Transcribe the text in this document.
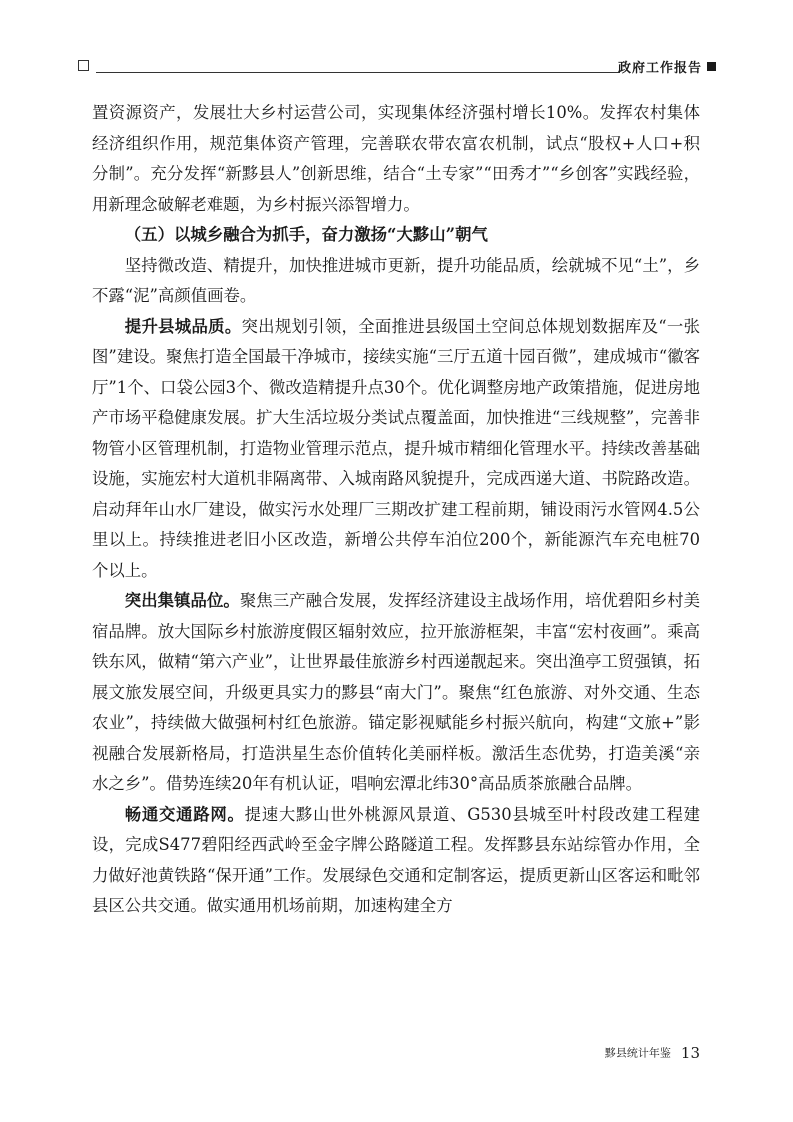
政府工作报告

置资源资产，发展壮大乡村运营公司，实现集体经济强村增长10%。发挥农村集体经济组织作用，规范集体资产管理，完善联农带农富农机制，试点“股权+人口+积分制”。充分发挥“新黟县人”创新思维，结合“土专家”“田秀才”“乡创客”实践经验，用新理念破解老难题，为乡村振兴添智增力。

（五）以城乡融合为抓手，奋力激扬“大黟山”朝气

坚持微改造、精提升，加快推进城市更新，提升功能品质，绘就城不见“土”，乡不露“泥”高颜值画卷。

提升县城品质。突出规划引领，全面推进县级国土空间总体规划数据库及“一张图”建设。聚焦打造全国最干净城市，接续实施“三厅五道十园百微”，建成城市“徽客厅”1个、口袋公园3个、微改造精提升点30个。优化调整房地产政策措施，促进房地产市场平稳健康发展。扩大生活垃圾分类试点覆盖面，加快推进“三线规整”，完善非物管小区管理机制，打造物业管理示范点，提升城市精细化管理水平。持续改善基础设施，实施宏村大道机非隔离带、入城南路风貌提升，完成西递大道、书院路改造。启动拜年山水厂建设，做实污水处理厂三期改扩建工程前期，铺设雨污水管网4.5公里以上。持续推进老旧小区改造，新增公共停车泊位200个，新能源汽车充电桩70个以上。

突出集镇品位。聚焦三产融合发展，发挥经济建设主战场作用，培优碧阳乡村美宿品牌。放大国际乡村旅游度假区辐射效应，拉开旅游框架，丰富“宏村夜画”。乘高铁东风，做精“第六产业”，让世界最佳旅游乡村西递靓起来。突出渔亭工贸强镇，拓展文旅发展空间，升级更具实力的黟县“南大门”。聚焦“红色旅游、对外交通、生态农业”，持续做大做强柯村红色旅游。锚定影视赋能乡村振兴航向，构建“文旅+”影视融合发展新格局，打造洪星生态价值转化美丽样板。激活生态优势，打造美溪“亲水之乡”。借势连续20年有机认证，唱响宏潭北纬30°高品质茶旅融合品牌。

畅通交通路网。提速大黟山世外桃源风景道、G530县城至叶村段改建工程建设，完成S477碧阳经西武岭至金字牌公路隧道工程。发挥黟县东站综管办作用，全力做好池黄铁路“保开通”工作。发展绿色交通和定制客运，提质更新山区客运和毗邻县区公共交通。做实通用机场前期，加速构建全方

黟县统计年鉴 13
